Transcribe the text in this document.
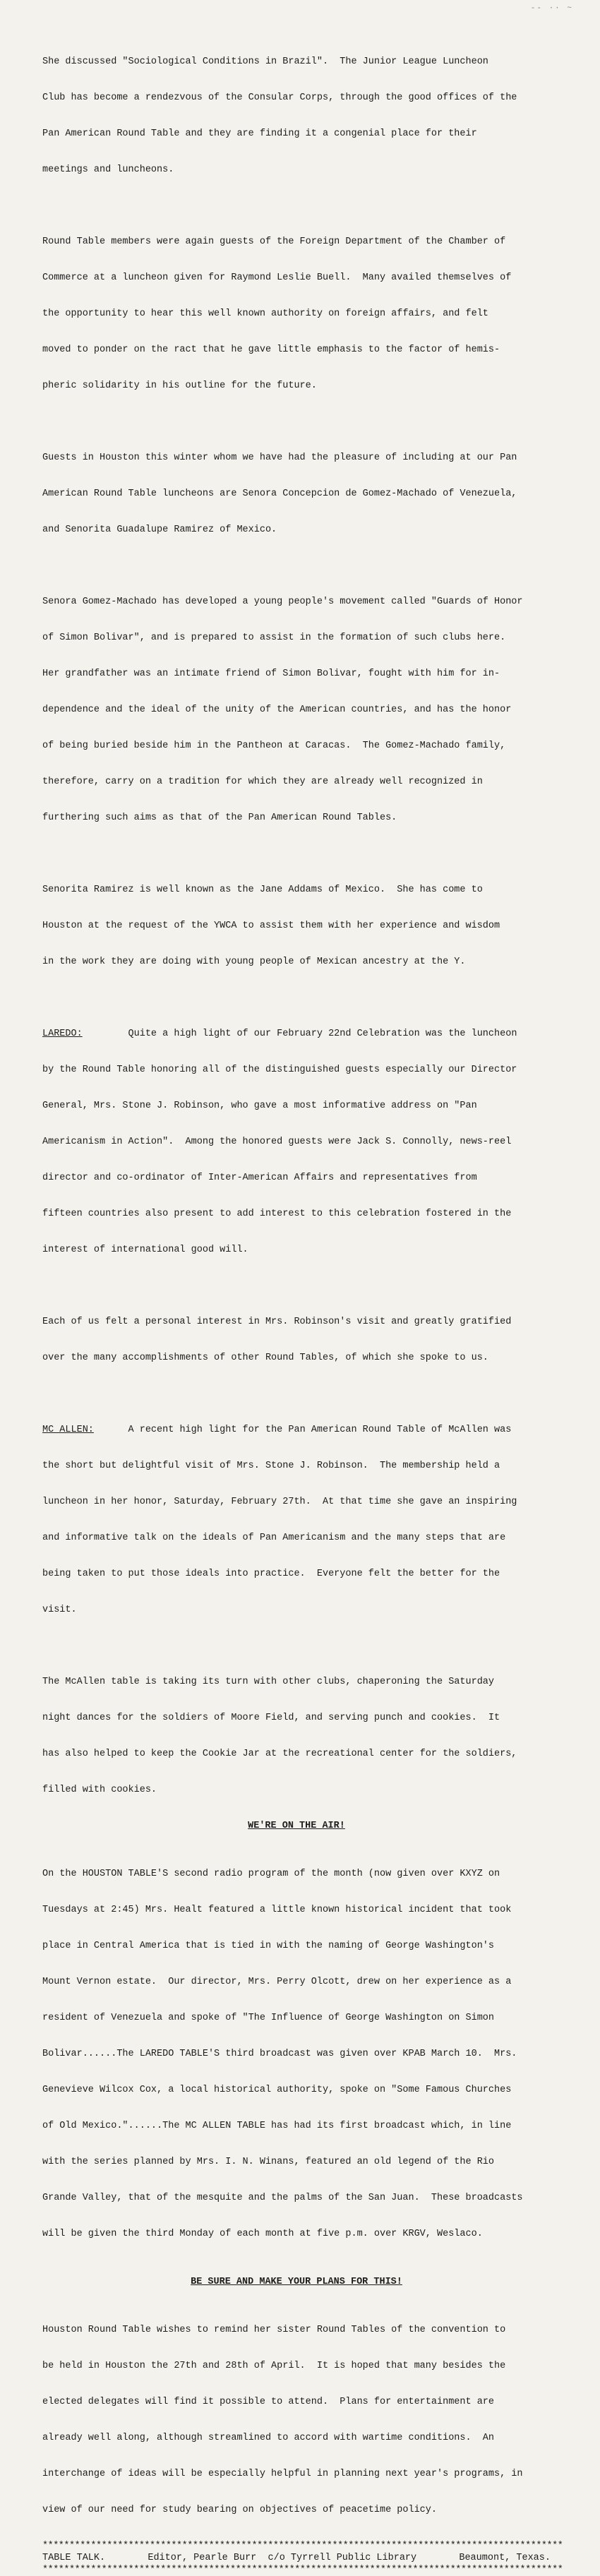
-- ·· ~

She discussed "Sociological Conditions in Brazil".  The Junior League Luncheon

Club has become a rendezvous of the Consular Corps, through the good offices of the

Pan American Round Table and they are finding it a congenial place for their

meetings and luncheons.

Round Table members were again guests of the Foreign Department of the Chamber of

Commerce at a luncheon given for Raymond Leslie Buell.  Many availed themselves of

the opportunity to hear this well known authority on foreign affairs, and felt

moved to ponder on the ract that he gave little emphasis to the factor of hemis-

pheric solidarity in his outline for the future.

Guests in Houston this winter whom we have had the pleasure of including at our Pan

American Round Table luncheons are Senora Concepcion de Gomez-Machado of Venezuela,

and Senorita Guadalupe Ramirez of Mexico.

Senora Gomez-Machado has developed a young people's movement called "Guards of Honor

of Simon Bolivar", and is prepared to assist in the formation of such clubs here.

Her grandfather was an intimate friend of Simon Bolivar, fought with him for in-

dependence and the ideal of the unity of the American countries, and has the honor

of being buried beside him in the Pantheon at Caracas.  The Gomez-Machado family,

therefore, carry on a tradition for which they are already well recognized in

furthering such aims as that of the Pan American Round Tables.

Senorita Ramirez is well known as the Jane Addams of Mexico.  She has come to

Houston at the request of the YWCA to assist them with her experience and wisdom

in the work they are doing with young people of Mexican ancestry at the Y.

LAREDO:        Quite a high light of our February 22nd Celebration was the luncheon

by the Round Table honoring all of the distinguished guests especially our Director

General, Mrs. Stone J. Robinson, who gave a most informative address on "Pan

Americanism in Action".  Among the honored guests were Jack S. Connolly, news-reel

director and co-ordinator of Inter-American Affairs and representatives from

fifteen countries also present to add interest to this celebration fostered in the

interest of international good will.

Each of us felt a personal interest in Mrs. Robinson's visit and greatly gratified

over the many accomplishments of other Round Tables, of which she spoke to us.

MC ALLEN:      A recent high light for the Pan American Round Table of McAllen was

the short but delightful visit of Mrs. Stone J. Robinson.  The membership held a

luncheon in her honor, Saturday, February 27th.  At that time she gave an inspiring

and informative talk on the ideals of Pan Americanism and the many steps that are

being taken to put those ideals into practice.  Everyone felt the better for the

visit.

The McAllen table is taking its turn with other clubs, chaperoning the Saturday

night dances for the soldiers of Moore Field, and serving punch and cookies.  It

has also helped to keep the Cookie Jar at the recreational center for the soldiers,

filled with cookies.

WE'RE ON THE AIR!

On the HOUSTON TABLE'S second radio program of the month (now given over KXYZ on

Tuesdays at 2:45) Mrs. Healt featured a little known historical incident that took

place in Central America that is tied in with the naming of George Washington's

Mount Vernon estate.  Our director, Mrs. Perry Olcott, drew on her experience as a

resident of Venezuela and spoke of "The Influence of George Washington on Simon

Bolivar......The LAREDO TABLE'S third broadcast was given over KPAB March 10.  Mrs.

Genevieve Wilcox Cox, a local historical authority, spoke on "Some Famous Churches

of Old Mexico."......The MC ALLEN TABLE has had its first broadcast which, in line

with the series planned by Mrs. I. N. Winans, featured an old legend of the Rio

Grande Valley, that of the mesquite and the palms of the San Juan.  These broadcasts

will be given the third Monday of each month at five p.m. over KRGV, Weslaco.

BE SURE AND MAKE YOUR PLANS FOR THIS!

Houston Round Table wishes to remind her sister Round Tables of the convention to

be held in Houston the 27th and 28th of April.  It is hoped that many besides the

elected delegates will find it possible to attend.  Plans for entertainment are

already well along, although streamlined to accord with wartime conditions.  An

interchange of ideas will be especially helpful in planning next year's programs, in

view of our need for study bearing on objectives of peacetime policy.

*************************************************************************************************
TABLE TALK.	Editor, Pearle Burr  c/o Tyrrell Public Library	Beaumont, Texas.
*************************************************************************************************
